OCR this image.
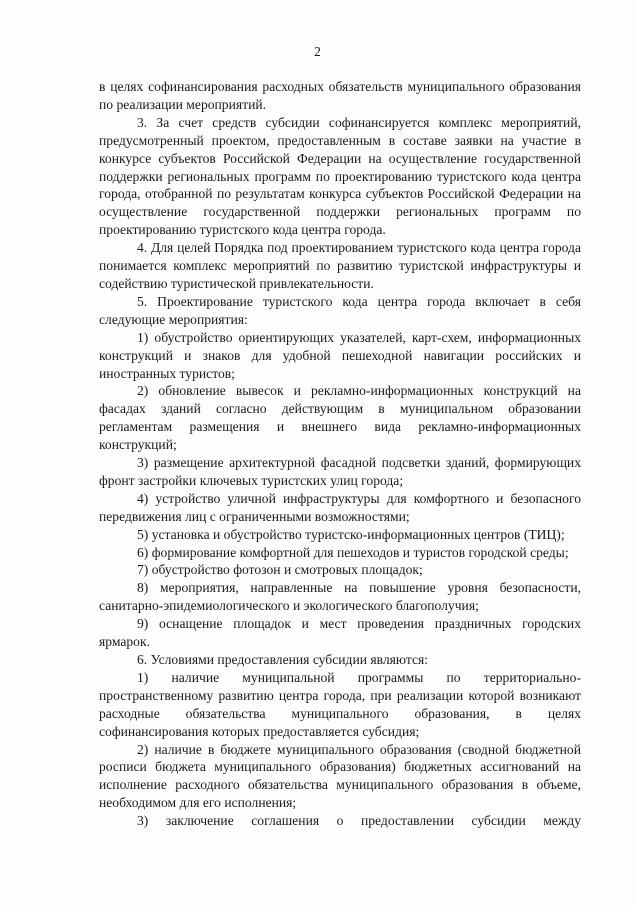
2

в целях софинансирования расходных обязательств муниципального образования по реализации мероприятий.

3. За счет средств субсидии софинансируется комплекс мероприятий, предусмотренный проектом, предоставленным в составе заявки на участие в конкурсе субъектов Российской Федерации на осуществление государственной поддержки региональных программ по проектированию туристского кода центра города, отобранной по результатам конкурса субъектов Российской Федерации на осуществление государственной поддержки региональных программ по проектированию туристского кода центра города.

4. Для целей Порядка под проектированием туристского кода центра города понимается комплекс мероприятий по развитию туристской инфраструктуры и содействию туристической привлекательности.

5. Проектирование туристского кода центра города включает в себя следующие мероприятия:

1) обустройство ориентирующих указателей, карт-схем, информационных конструкций и знаков для удобной пешеходной навигации российских и иностранных туристов;

2) обновление вывесок и рекламно-информационных конструкций на фасадах зданий согласно действующим в муниципальном образовании регламентам размещения и внешнего вида рекламно-информационных конструкций;

3) размещение архитектурной фасадной подсветки зданий, формирующих фронт застройки ключевых туристских улиц города;

4) устройство уличной инфраструктуры для комфортного и безопасного передвижения лиц с ограниченными возможностями;

5) установка и обустройство туристско-информационных центров (ТИЦ);

6) формирование комфортной для пешеходов и туристов городской среды;

7) обустройство фотозон и смотровых площадок;

8) мероприятия, направленные на повышение уровня безопасности, санитарно-эпидемиологического и экологического благополучия;

9) оснащение площадок и мест проведения праздничных городских ярмарок.

6. Условиями предоставления субсидии являются:

1) наличие муниципальной программы по территориально-пространственному развитию центра города, при реализации которой возникают расходные обязательства муниципального образования, в целях софинансирования которых предоставляется субсидия;

2) наличие в бюджете муниципального образования (сводной бюджетной росписи бюджета муниципального образования) бюджетных ассигнований на исполнение расходного обязательства муниципального образования в объеме, необходимом для его исполнения;

3) заключение соглашения о предоставлении субсидии между
